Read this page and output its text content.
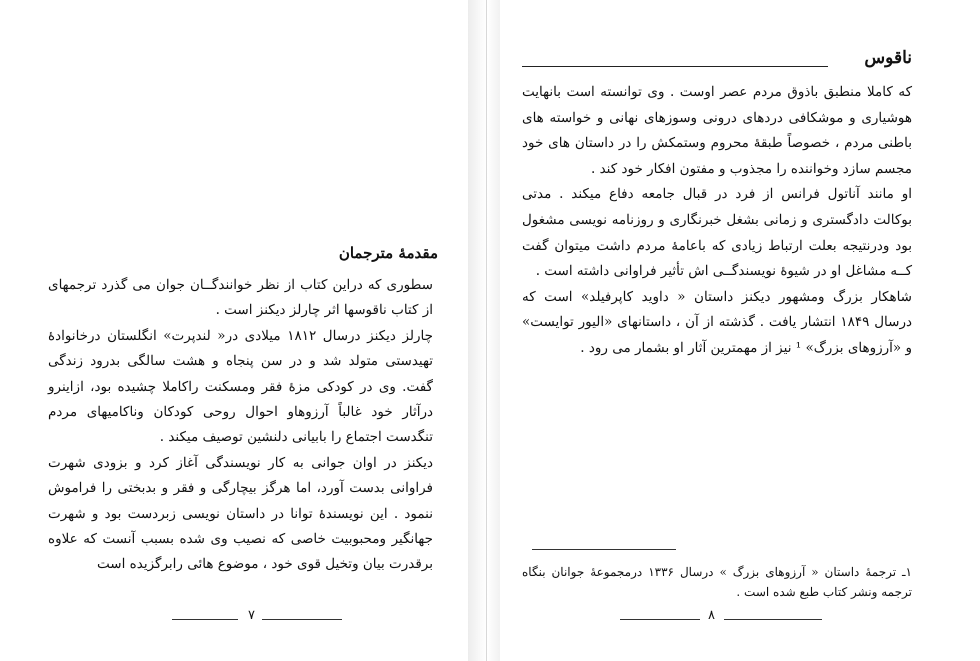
مقدمهٔ مترجمان

سطوری که دراین کتاب از نظر خوانندگــان جوان می گذرد ترجمهای از کتاب ناقوسها اثر چارلز دیکنز است .

چارلز دیکنز درسال ۱۸۱۲ میلادی در« لندپرت» انگلستان درخانوادهٔ تهیدستی متولد شد و در سن پنجاه و هشت سالگی بدرود زندگی گفت. وی در کودکی مزهٔ فقر ومسکنت راکاملا چشیده بود، ازاینرو درآثار خود غالباً آرزوهاو احوال روحی کودکان وناکامیهای مردم تنگدست اجتماع را بابیانی دلنشین توصیف میکند .

دیکنز در اوان جوانی به کار نویسندگی آغاز کرد و بزودی شهرت فراوانی بدست آورد، اما هرگز بیچارگی و فقر و بدبختی را فراموش ننمود . این نویسندهٔ توانا در داستان نویسی زبردست بود و شهرت جهانگیر ومحبوبیت خاصی که نصیب وی شده بسبب آنست که علاوه برقدرت بیان وتخیل قوی خود ، موضوع هائی رابرگزیده است

۷
ناقوس

که کاملا منطبق باذوق مردم عصر اوست . وی توانسته است بانهایت هوشیاری و موشکافی دردهای درونی وسوزهای نهانی و خواسته های باطنی مردم ، خصوصاً طبقهٔ محروم وستمکش را در داستان های خود مجسم سازد وخواننده را مجذوب و مفتون افکار خود کند .

او مانند آناتول فرانس از فرد در قبال جامعه دفاع میکند . مدتی بوکالت دادگستری و زمانی بشغل خبرنگاری و روزنامه نویسی مشغول بود ودرنتیجه بعلت ارتباط زیادی که باعامهٔ مردم داشت میتوان گفت کــه مشاغل او در شیوهٔ نویسندگــی اش تأثیر فراوانی داشته است .

شاهکار بزرگ ومشهور دیکنز داستان « داوید کاپرفیلد» است که درسال ۱۸۴۹ انتشار یافت . گذشته از آن ، داستانهای «الیور توایست» و «آرزوهای بزرگ» ¹ نیز از مهمترین آثار او بشمار می رود .

۱ـ ترجمهٔ داستان « آرزوهای بزرگ » درسال ۱۳۳۶ درمجموعهٔ جوانان بنگاه ترجمه ونشر کتاب طبع شده است .
۸
